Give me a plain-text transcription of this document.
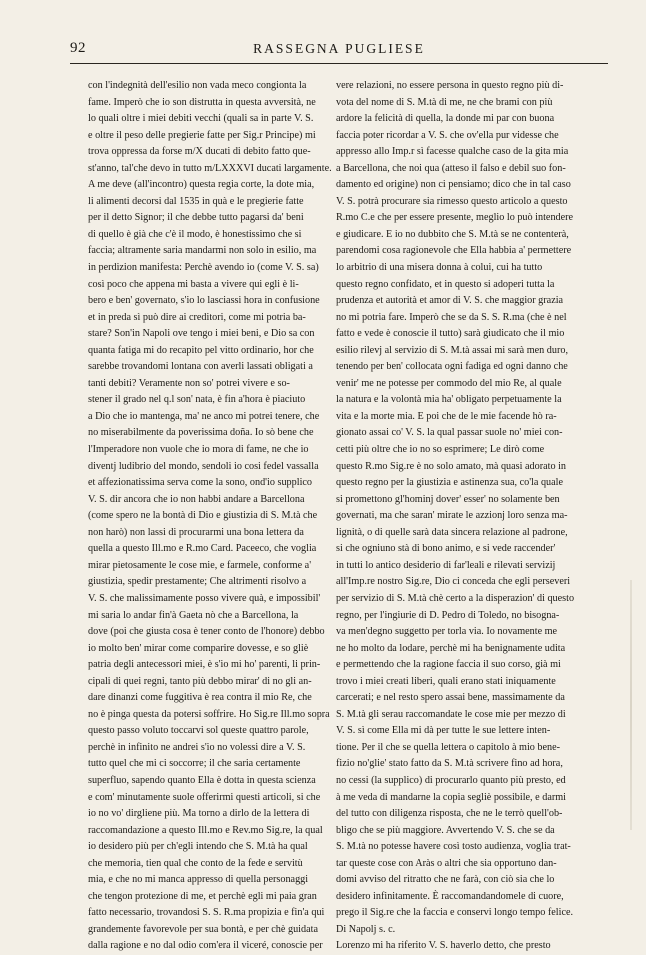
92	RASSEGNA PUGLIESE
con l'indegnità dell'esilio non vada meco congionta la
fame. Imperò che io son distrutta in questa avversità, ne
lo quali oltre i miei debiti vecchi (quali sa in parte V. S.
e oltre il peso delle pregierie fatte per Sig.r Principe) mi
trova oppressa da forse m/X ducati di debito fatto que-
st'anno, tal'che devo in tutto m/LXXXVI ducati largamente.
A me deve (all'incontro) questa regia corte, la dote mia,
li alimenti decorsi dal 1535 in quà e le pregierie fatte
per il detto Signor; il che debbe tutto pagarsi da' beni
di quello è già che c'è il modo, è honestissimo che si
faccia; altramente saria mandarmi non solo in esilio, ma
in perdizion manifesta: Perchè avendo io (come V. S. sa)
così poco che appena mi basta a vivere qui egli è li-
bero e ben' governato, s'io lo lasciassi hora in confusione
et in preda sì può dire ai creditori, come mi potria ba-
stare? Son'in Napoli ove tengo i miei beni, e Dio sa con
quanta fatiga mi do recapito pel vitto ordinario, hor che
sarebbe trovandomi lontana con averli lassati obligati a
tanti debiti? Veramente non so' potrei vivere e so-
stener il grado nel q.l son' nata, è fin a'hora è piaciuto
a Dio che io mantenga, ma' ne anco mi potrei tenere, che
no miserabilmente da poverissima doña. Io sò bene che
l'Imperadore non vuole che io mora di fame, ne che io
diventj ludibrio del mondo, sendoli io cosi fedel vassalla
et affezionatissima serva come la sono, ond'io supplico
V. S. dir ancora che io non habbi andare a Barcellona
(come spero ne la bontà di Dio e giustizia di S. M.tà che
non harò) non lassi di procurarmi una bona lettera da
quella a questo Ill.mo e R.mo Card. Paceeco, che voglia
mirar pietosamente le cose mie, e farmele, conforme a'
giustizia, spedir prestamente; Che altrimenti risolvo a
V. S. che malissimamente posso vivere quà, e impossibil'
mi saria lo andar fin'à Gaeta nò che a Barcellona, la
dove (poi che giusta cosa è tener conto de l'honore) debbo
io molto ben' mirar come comparire dovesse, e so gliè
patria degli antecessori miei, è s'io mi ho' parenti, li prin-
cipali di quei regni, tanto più debbo mirar' di no gli an-
dare dinanzi come fuggitiva è rea contra il mio Re, che
no è pinga questa da potersi soffrire. Ho Sig.re Ill.mo sopra
questo passo voluto toccarvi sol queste quattro parole,
perchè in infinito ne andrei s'io no volessi dire a V. S.
tutto quel che mi ci soccorre; il che saria certamente
superfluo, sapendo quanto Ella è dotta in questa scienza
e com' minutamente suole offerirmi questi articoli, si che
io no vo' dirgliene più. Ma torno a dirlo de la lettera di
raccomandazione a questo Ill.mo e Rev.mo Sig.re, la qual
io desidero più per ch'egli intendo che S. M.tà ha qual
che memoria, tien qual che conto de la fede e servitù
mia, e che no mi manca appresso di quella personaggi
che tengon protezione di me, et perchè egli mi paia gran
fatto necessario, trovandosi S. S. R.ma propizia e fin'a qui
grandemente favorevole per sua bontà, e per chè guidata
dalla ragione e no dal odio com'era il viceré, conoscie per
vere relazioni, no essere persona in questo regno più di-
vota del nome di S. M.tà di me, ne che brami con più
ardore la felicità di quella, la donde mi par con buona
faccia poter ricordar a V. S. che ov'ella pur videsse che
appresso allo Imp.r sì facesse qualche caso de la gita mia
a Barcellona, che noi qua (atteso il falso e debil suo fon-
damento ed origine) non ci pensiamo; dico che in tal caso
V. S. potrà procurare sia rimesso questo articolo a questo
R.mo C.e che per essere presente, meglio lo può intendere
e giudicare. E io no dubbito che S. M.tà se ne contenterà,
parendomi cosa ragionevole che Ella habbia a' permettere
lo arbitrio di una misera donna à colui, cui ha tutto
questo regno confidato, et in questo si adoperi tutta la
prudenza et autorità et amor di V. S. che maggior grazia
no mi potria fare. Imperò che se da S. S. R.ma (che è nel
fatto e vede è conoscie il tutto) sarà giudicato che il mio
esilio rilevj al servizio di S. M.tà assai mi sarà men duro,
tenendo per ben' collocata ogni fadiga ed ogni danno che
venir' me ne potesse per commodo del mio Re, al quale
la natura e la volontà mia ha' obligato perpetuamente la
vita e la morte mia. E poi che de le mie facende hò ra-
gionato assai co' V. S. la qual passar suole no' miei con-
cetti più oltre che io no so esprimere; Le dirò come
questo R.mo Sig.re è no solo amato, mà quasi adorato in
questo regno per la giustizia e astinenza sua, co'la quale
si promettono gl'hominj dover' esser' no solamente ben
governati, ma che saran' mirate le azzionj loro senza ma-
lignità, o di quelle sarà data sincera relazione al padrone,
si che ogniuno stà di bono animo, e si vede raccender'
in tutti lo antico desiderio di far'leali e rilevati servizij
all'Imp.re nostro Sig.re, Dio ci conceda che egli perseveri
per servizio di S. M.tà chè certo a la disperazion' di questo
regno, per l'ingiurie di D. Pedro di Toledo, no bisogna-
va men'degno suggetto per torla via. Io novamente me
ne ho molto da lodare, perchè mi ha benignamente udita
e permettendo che la ragione faccia il suo corso, già mi
trovo i miei creati liberi, quali erano stati iniquamente
carcerati; e nel resto spero assai bene, massimamente da
S. M.tà gli serau raccomandate le cose mie per mezzo di
V. S. sì come Ella mi dà per tutte le sue lettere inten-
tione. Per il che se quella lettera o capitolo à mio bene-
fizio no'glie' stato fatto da S. M.tà scrivere fino ad hora,
no cessi (la supplico) di procurarlo quanto più presto, ed
à me veda di mandarne la copia segliè possibile, e darmi
del tutto con diligenza risposta, che ne le terrò quell'ob-
bligo che se più maggiore. Avvertendo V. S. che se da
S. M.tà no potesse havere così tosto audienza, voglia trat-
tar queste cose con Aràs o altri che sia opportuno dan-
domi avviso del ritratto che ne farà, con ciò sia che lo
desidero infinitamente. È raccomandandomele di cuore,
prego il Sig.re che la faccia e conservi longo tempo felice.
Di Napolj s. c.
Lorenzo mi ha riferito V. S. haverlo detto, che presto
